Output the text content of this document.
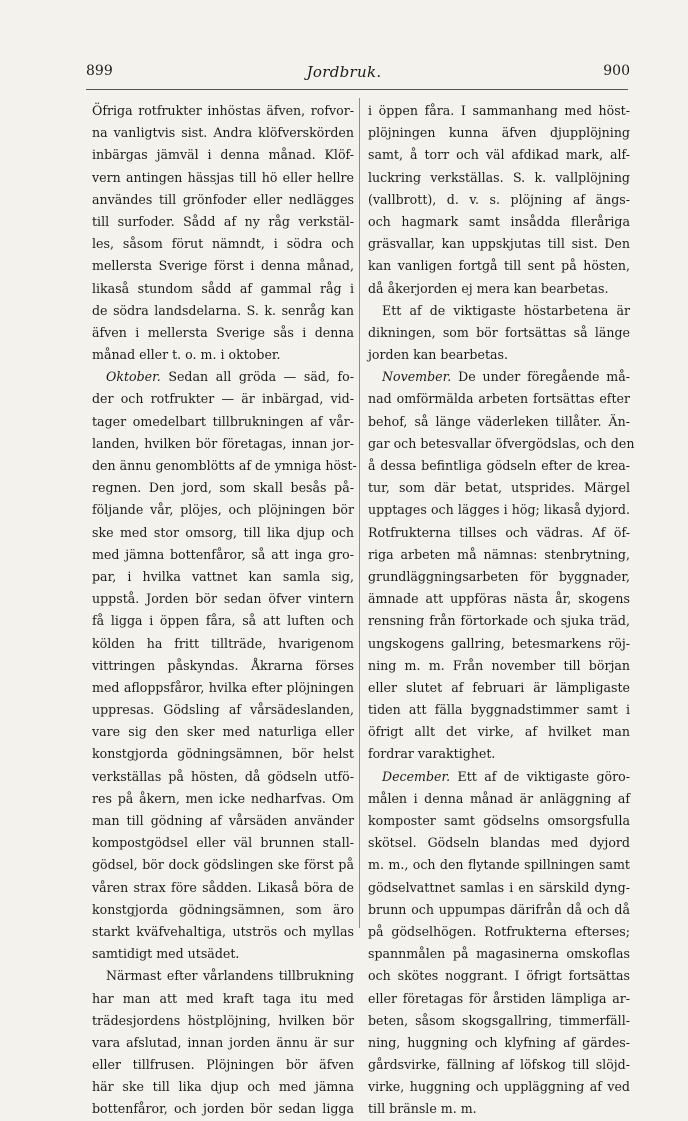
899	Jordbruk.	900
Öfriga rotfrukter inhöstas äfven, rofvor-
na vanligtvis sist. Andra klöfverskörden
inbärgas jämväl i denna månad. Klöf-
vern antingen hässjas till hö eller hellre
användes till grönfoder eller nedlägges
till surfoder. Sådd af ny råg verkstäl-
les, såsom förut nämndt, i södra och
mellersta Sverige först i denna månad,
likaså stundom sådd af gammal råg i
de södra landsdelarna. S. k. senråg kan
äfven i mellersta Sverige sås i denna
månad eller t. o. m. i oktober.
Oktober. Sedan all gröda — säd, fo-
der och rotfrukter — är inbärgad, vid-
tager omedelbart tillbrukningen af vår-
landen, hvilken bör företagas, innan jor-
den ännu genomblötts af de ymniga höst-
regnen. Den jord, som skall besås på-
följande vår, plöjes, och plöjningen bör
ske med stor omsorg, till lika djup och
med jämna bottenfåror, så att inga gro-
par, i hvilka vattnet kan samla sig,
uppstå. Jorden bör sedan öfver vintern
få ligga i öppen fåra, så att luften och
kölden ha fritt tillträde, hvarigenom
vittringen påskyndas. Åkrarna förses
med afloppsfåror, hvilka efter plöjningen
uppresas. Gödsling af vårsädeslanden,
vare sig den sker med naturliga eller
konstgjorda gödningsämnen, bör helst
verkställas på hösten, då gödseln utfö-
res på åkern, men icke nedharfvas. Om
man till gödning af vårsäden använder
kompostgödsel eller väl brunnen stall-
gödsel, bör dock gödslingen ske först på
våren strax före sådden. Likaså böra de
konstgjorda gödningsämnen, som äro
starkt kväfvehaltiga, utströs och myllas
samtidigt med utsädet.
Närmast efter vårlandens tillbrukning
har man att med kraft taga itu med
trädesjordens höstplöjning, hvilken bör
vara afslutad, innan jorden ännu är sur
eller tillfrusen. Plöjningen bör äfven
här ske till lika djup och med jämna
bottenfåror, och jorden bör sedan ligga
i öppen fåra. I sammanhang med höst-
plöjningen kunna äfven djupplöjning
samt, å torr och väl afdikad mark, alf-
luckring verkställas. S. k. vallplöjning
(vallbrott), d. v. s. plöjning af ängs-
och hagmark samt insådda flleråriga
gräsvallar, kan uppskjutas till sist. Den
kan vanligen fortgå till sent på hösten,
då åkerjorden ej mera kan bearbetas.
Ett af de viktigaste höstarbetena är
dikningen, som bör fortsättas så länge
jorden kan bearbetas.
November. De under föregående må-
nad omförmälda arbeten fortsättas efter
behof, så länge väderleken tillåter. Än-
gar och betesvallar öfvergödslas, och den
å dessa befintliga gödseln efter de krea-
tur, som där betat, utsprides. Märgel
upptages och lägges i hög; likaså dyjord.
Rotfrukterna tillses och vädras. Af öf-
riga arbeten må nämnas: stenbrytning,
grundläggningsarbeten för byggnader,
ämnade att uppföras nästa år, skogens
rensning från förtorkade och sjuka träd,
ungskogens gallring, betesmarkens röj-
ning m. m. Från november till början
eller slutet af februari är lämpligaste
tiden att fälla byggnadstimmer samt i
öfrigt allt det virke, af hvilket man
fordrar varaktighet.
December. Ett af de viktigaste göro-
målen i denna månad är anläggning af
komposter samt gödselns omsorgsfulla
skötsel. Gödseln blandas med dyjord
m. m., och den flytande spillningen samt
gödselvattnet samlas i en särskild dyng-
brunn och uppumpas därifrån då och då
på gödselhögen. Rotfrukterna efterses;
spannmålen på magasinerna omskoflas
och skötes noggrant. I öfrigt fortsättas
eller företagas för årstiden lämpliga ar-
beten, såsom skogsgallring, timmerfäll-
ning, huggning och klyfning af gärdes-
gårdsvirke, fällning af löfskog till slöjd-
virke, huggning och uppläggning af ved
till bränsle m. m.
